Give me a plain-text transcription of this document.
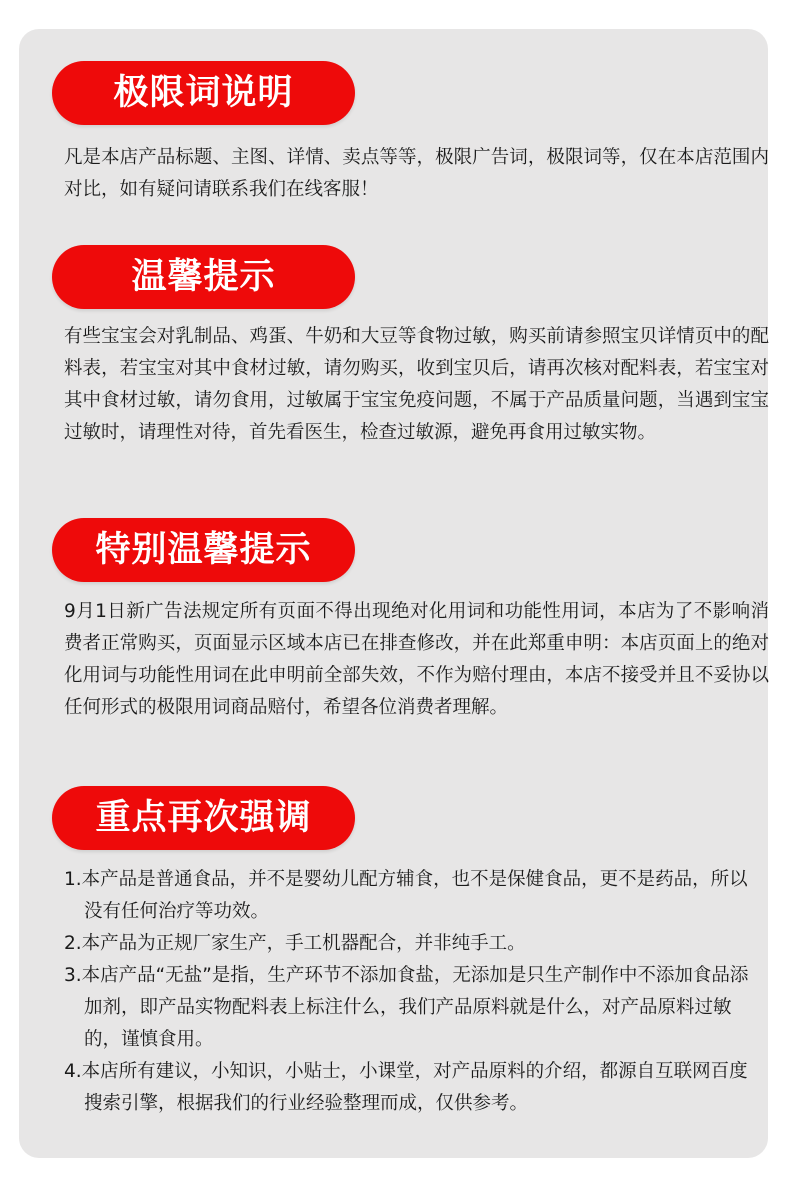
极限词说明

凡是本店产品标题、主图、详情、卖点等等，极限广告词，极限词等，仅在本店范围内对比，如有疑问请联系我们在线客服！

温馨提示

有些宝宝会对乳制品、鸡蛋、牛奶和大豆等食物过敏，购买前请参照宝贝详情页中的配料表，若宝宝对其中食材过敏，请勿购买，收到宝贝后，请再次核对配料表，若宝宝对其中食材过敏，请勿食用，过敏属于宝宝免疫问题，不属于产品质量问题，当遇到宝宝过敏时，请理性对待，首先看医生，检查过敏源，避免再食用过敏实物。

特别温馨提示

9月1日新广告法规定所有页面不得出现绝对化用词和功能性用词，本店为了不影响消费者正常购买，页面显示区域本店已在排查修改，并在此郑重申明：本店页面上的绝对化用词与功能性用词在此申明前全部失效，不作为赔付理由，本店不接受并且不妥协以任何形式的极限用词商品赔付，希望各位消费者理解。

重点再次强调
1.本产品是普通食品，并不是婴幼儿配方辅食，也不是保健食品，更不是药品，所以没有任何治疗等功效。
2.本产品为正规厂家生产，手工机器配合，并非纯手工。
3.本店产品“无盐”是指，生产环节不添加食盐，无添加是只生产制作中不添加食品添加剂，即产品实物配料表上标注什么，我们产品原料就是什么，对产品原料过敏的，谨慎食用。
4.本店所有建议，小知识，小贴士，小课堂，对产品原料的介绍，都源自互联网百度搜索引擎，根据我们的行业经验整理而成，仅供参考。
